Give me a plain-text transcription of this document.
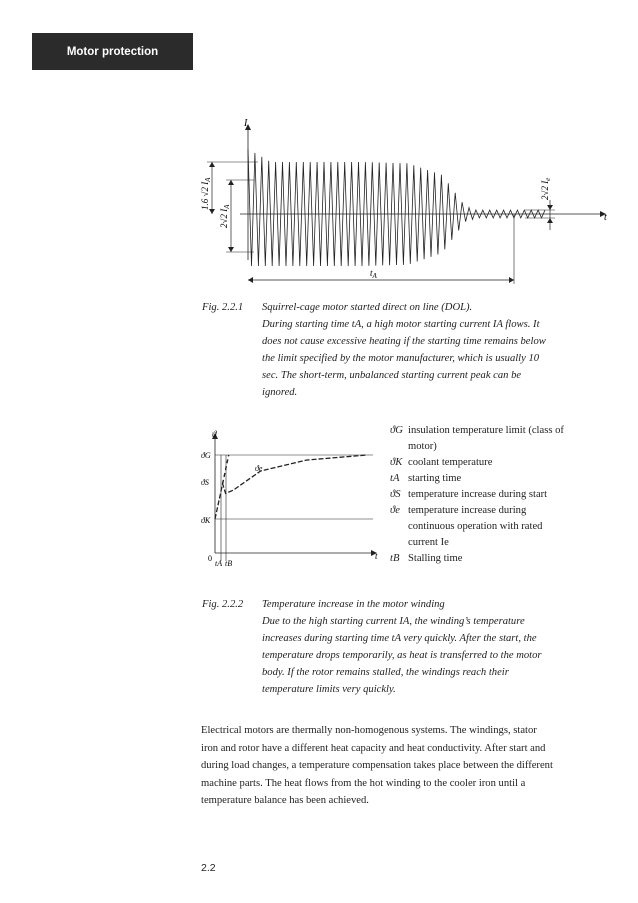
Motor protection
I
t
1.6 √2 $I_A$
2√2 $I_A$
2√2 $I_e$
$t_A$
Fig. 2.2.1 Squirrel-cage motor started direct on line (DOL).
During starting time tA, a high motor starting current IA flows. It
does not cause excessive heating if the starting time remains below
the limit specified by the motor manufacturer, which is usually 10
sec. The short-term, unbalanced starting current peak can be
ignored.
ϑ
t
ϑG
ϑS
ϑK
ϑe
0
tA tB
ϑG insulation temperature limit (class of
motor)
ϑK coolant temperature
tA starting time
ϑS temperature increase during start
ϑe temperature increase during
continuous operation with rated
current Ie
tB Stalling time
Fig. 2.2.2 Temperature increase in the motor winding
Due to the high starting current IA, the winding’s temperature
increases during starting time tA very quickly. After the start, the
temperature drops temporarily, as heat is transferred to the motor
body. If the rotor remains stalled, the windings reach their
temperature limits very quickly.
Electrical motors are thermally non-homogenous systems. The windings, stator
iron and rotor have a different heat capacity and heat conductivity. After start and
during load changes, a temperature compensation takes place between the different
machine parts. The heat flows from the hot winding to the cooler iron until a
temperature balance has been achieved.
2.2
